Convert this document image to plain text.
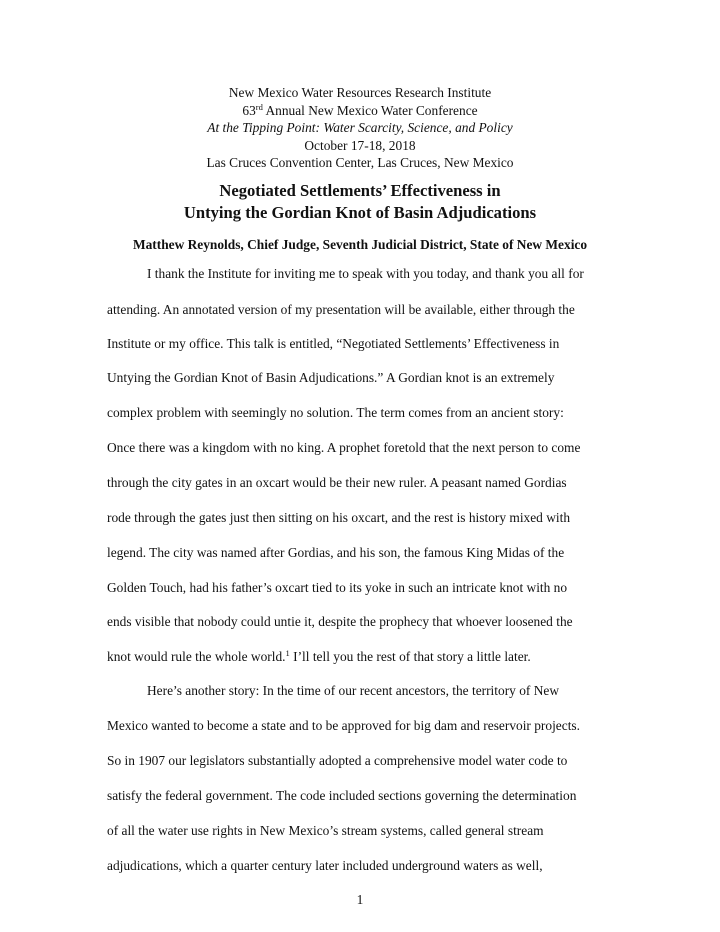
New Mexico Water Resources Research Institute
63rd Annual New Mexico Water Conference
At the Tipping Point: Water Scarcity, Science, and Policy
October 17-18, 2018
Las Cruces Convention Center, Las Cruces, New Mexico
Negotiated Settlements’ Effectiveness in
Untying the Gordian Knot of Basin Adjudications
Matthew Reynolds, Chief Judge, Seventh Judicial District, State of New Mexico
I thank the Institute for inviting me to speak with you today, and thank you all for
attending. An annotated version of my presentation will be available, either through the
Institute or my office. This talk is entitled, “Negotiated Settlements’ Effectiveness in
Untying the Gordian Knot of Basin Adjudications.” A Gordian knot is an extremely
complex problem with seemingly no solution. The term comes from an ancient story:
Once there was a kingdom with no king. A prophet foretold that the next person to come
through the city gates in an oxcart would be their new ruler. A peasant named Gordias
rode through the gates just then sitting on his oxcart, and the rest is history mixed with
legend. The city was named after Gordias, and his son, the famous King Midas of the
Golden Touch, had his father’s oxcart tied to its yoke in such an intricate knot with no
ends visible that nobody could untie it, despite the prophecy that whoever loosened the
knot would rule the whole world.$^1$ I’ll tell you the rest of that story a little later.
Here’s another story: In the time of our recent ancestors, the territory of New
Mexico wanted to become a state and to be approved for big dam and reservoir projects.
So in 1907 our legislators substantially adopted a comprehensive model water code to
satisfy the federal government. The code included sections governing the determination
of all the water use rights in New Mexico’s stream systems, called general stream
adjudications, which a quarter century later included underground waters as well,
1
